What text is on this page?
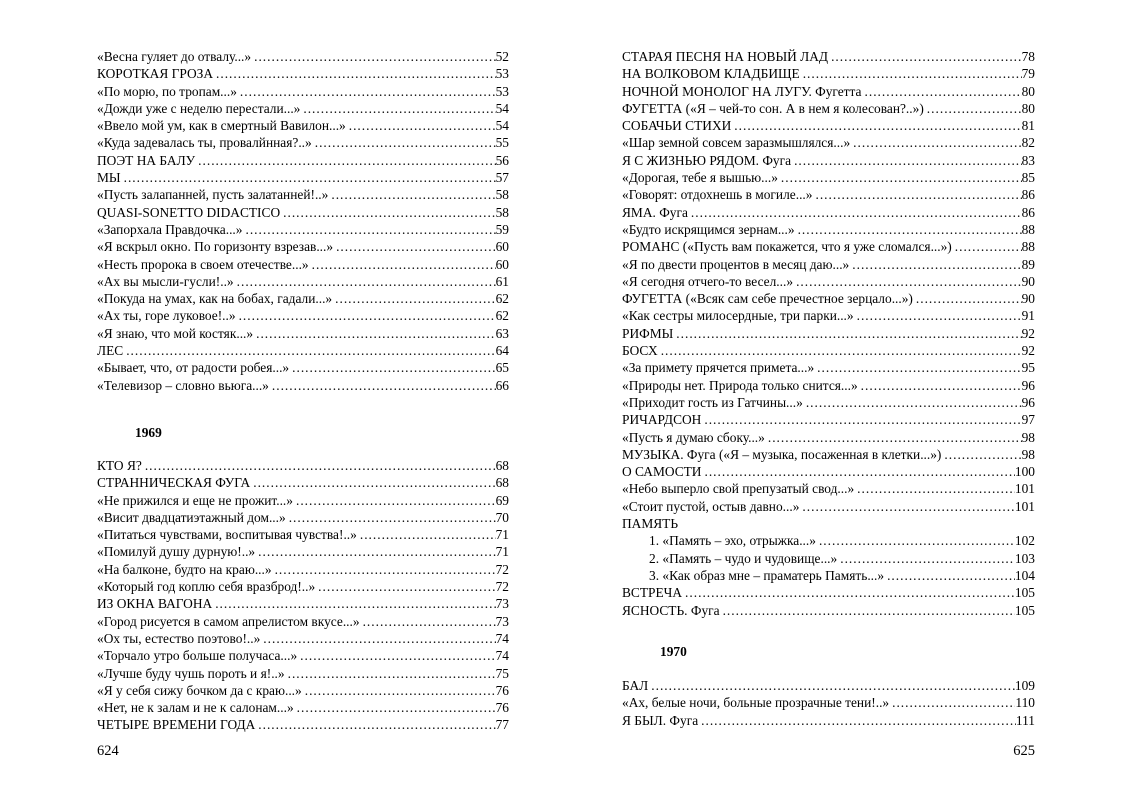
«Весна гуляет до отвалу...» .....	52
КОРОТКАЯ ГРОЗА .....	53
«По морю, по тропам...» .....	53
«Дожди уже с неделю перестали...» .....	54
«Ввело мой ум, как в смертный Вавилон...» .....	54
«Куда задевалась ты, провалйнная?..» .....	55
ПОЭТ НА БАЛУ .....	56
МЫ .....	57
«Пусть залапанней, пусть залатанней!..» .....	58
QUASI-SONETTO DIDACTICO .....	58
«Запорхала Правдочка...» .....	59
«Я вскрыл окно. По горизонту взрезав...» .....	60
«Несть пророка в своем отечестве...» .....	60
«Ах вы мысли-гусли!..» .....	61
«Покуда на умах, как на бобах, гадали...» .....	62
«Ах ты, горе луковое!..» .....	62
«Я знаю, что мой костяк...» .....	63
ЛЕС .....	64
«Бывает, что, от радости робея...» .....	65
«Телевизор – словно вьюга...» .....	66
1969
КТО Я? .....	68
СТРАННИЧЕСКАЯ ФУГА .....	68
«Не прижился и еще не прожит...» .....	69
«Висит двадцатиэтажный дом...» .....	70
«Питаться чувствами, воспитывая чувства!..» .....	71
«Помилуй душу дурную!..» .....	71
«На балконе, будто на краю...» .....	72
«Который год коплю себя вразброд!..» .....	72
ИЗ ОКНА ВАГОНА .....	73
«Город рисуется в самом апрелистом вкусе...» .....	73
«Ох ты, естество поэтово!..» .....	74
«Торчало утро больше получаса...» .....	74
«Лучше буду чушь пороть и я!..» .....	75
«Я у себя сижу бочком да с краю...» .....	76
«Нет, не к залам и не к салонам...» .....	76
ЧЕТЫРЕ ВРЕМЕНИ ГОДА .....	77
624
СТАРАЯ ПЕСНЯ НА НОВЫЙ ЛАД .....	78
НА ВОЛКОВОМ КЛАДБИЩЕ .....	79
НОЧНОЙ МОНОЛОГ НА ЛУГУ. Фугетта .....	80
ФУГЕТТА («Я – чей-то сон. А в нем я колесован?..») .....	80
СОБАЧЬИ СТИХИ .....	81
«Шар земной совсем заразмышлялся...» .....	82
Я С ЖИЗНЬЮ РЯДОМ. Фуга .....	83
«Дорогая, тебе я вышью...» .....	85
«Говорят: отдохнешь в могиле...» .....	86
ЯМА. Фуга .....	86
«Будто искрящимся зернам...» .....	88
РОМАНС («Пусть вам покажется, что я уже сломался...») .....	88
«Я по двести процентов в месяц даю...» .....	89
«Я сегодня отчего-то весел...» .....	90
ФУГЕТТА («Всяк сам себе пречестное зерцало...») .....	90
«Как сестры милосердные, три парки...» .....	91
РИФМЫ .....	92
БОСХ .....	92
«За примету прячется примета...» .....	95
«Природы нет. Природа только снится...» .....	96
«Приходит гость из Гатчины...» .....	96
РИЧАРДСОН .....	97
«Пусть я думаю сбоку...» .....	98
МУЗЫКА. Фуга («Я – музыка, посаженная в клетки...») .....	98
О САМОСТИ .....	100
«Небо выперло свой препузатый свод...» .....	101
«Стоит пустой, остыв давно...» .....	101
ПАМЯТЬ
1. «Память – эхо, отрыжка...» .....	102
2. «Память – чудо и чудовище...» .....	103
3. «Как образ мне – праматерь Память...» .....	104
ВСТРЕЧА .....	105
ЯСНОСТЬ. Фуга .....	105
1970
БАЛ .....	109
«Ах, белые ночи, больные прозрачные тени!..» .....	110
Я БЫЛ. Фуга .....	111
625
